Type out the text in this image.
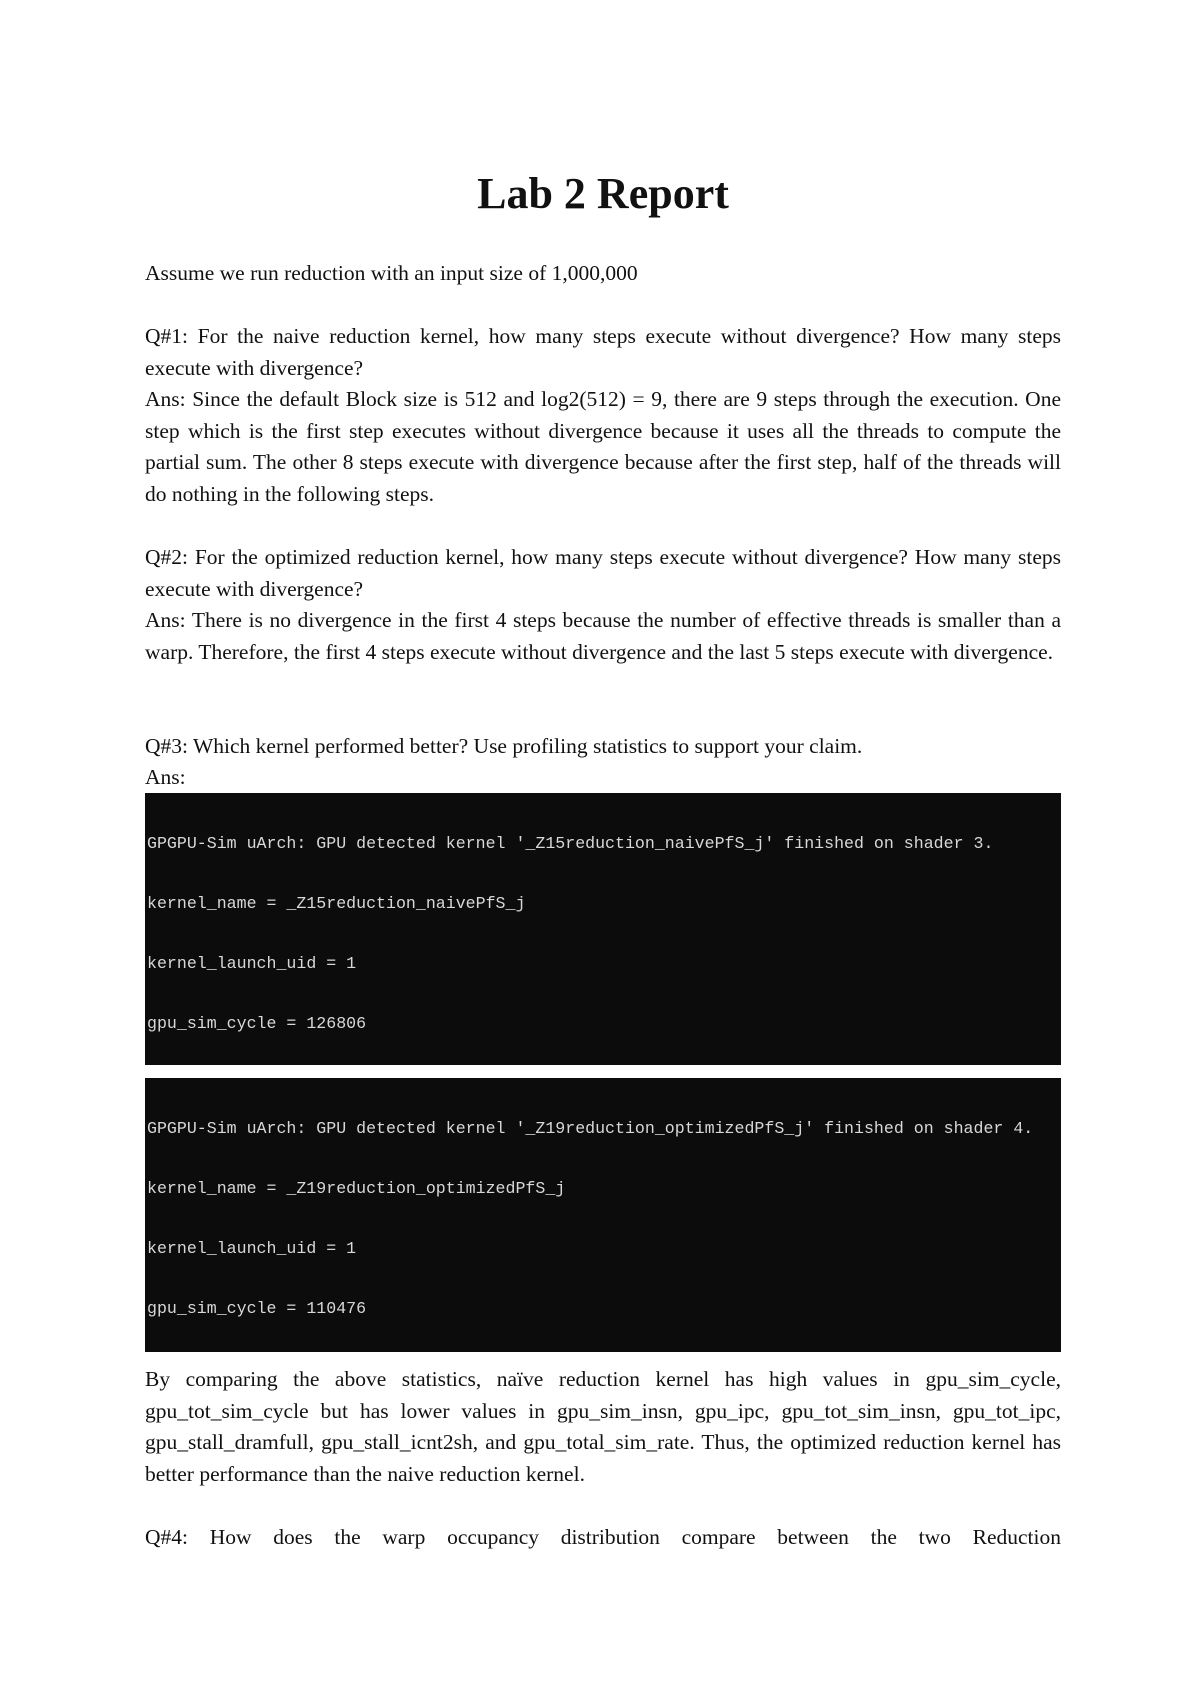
Lab 2 Report

Assume we run reduction with an input size of 1,000,000

Q#1: For the naive reduction kernel, how many steps execute without divergence? How many steps execute with divergence?

Ans: Since the default Block size is 512 and log2(512) = 9, there are 9 steps through the execution. One step which is the first step executes without divergence because it uses all the threads to compute the partial sum. The other 8 steps execute with divergence because after the first step, half of the threads will do nothing in the following steps.

Q#2: For the optimized reduction kernel, how many steps execute without divergence? How many steps execute with divergence?

Ans: There is no divergence in the first 4 steps because the number of effective threads is smaller than a warp. Therefore, the first 4 steps execute without divergence and the last 5 steps execute with divergence.

Q#3: Which kernel performed better? Use profiling statistics to support your claim.

Ans:

GPGPU-Sim uArch: GPU detected kernel '_Z15reduction_naivePfS_j' finished on shader 3.

kernel_name = _Z15reduction_naivePfS_j

kernel_launch_uid = 1

gpu_sim_cycle = 126806

GPGPU-Sim uArch: GPU detected kernel '_Z19reduction_optimizedPfS_j' finished on shader 4.

kernel_name = _Z19reduction_optimizedPfS_j

kernel_launch_uid = 1

gpu_sim_cycle = 110476

By comparing the above statistics, naïve reduction kernel has high values in gpu_sim_cycle, gpu_tot_sim_cycle but has lower values in gpu_sim_insn, gpu_ipc, gpu_tot_sim_insn, gpu_tot_ipc, gpu_stall_dramfull, gpu_stall_icnt2sh, and gpu_total_sim_rate. Thus, the optimized reduction kernel has better performance than the naive reduction kernel.

Q#4: How does the warp occupancy distribution compare between the two Reduction
